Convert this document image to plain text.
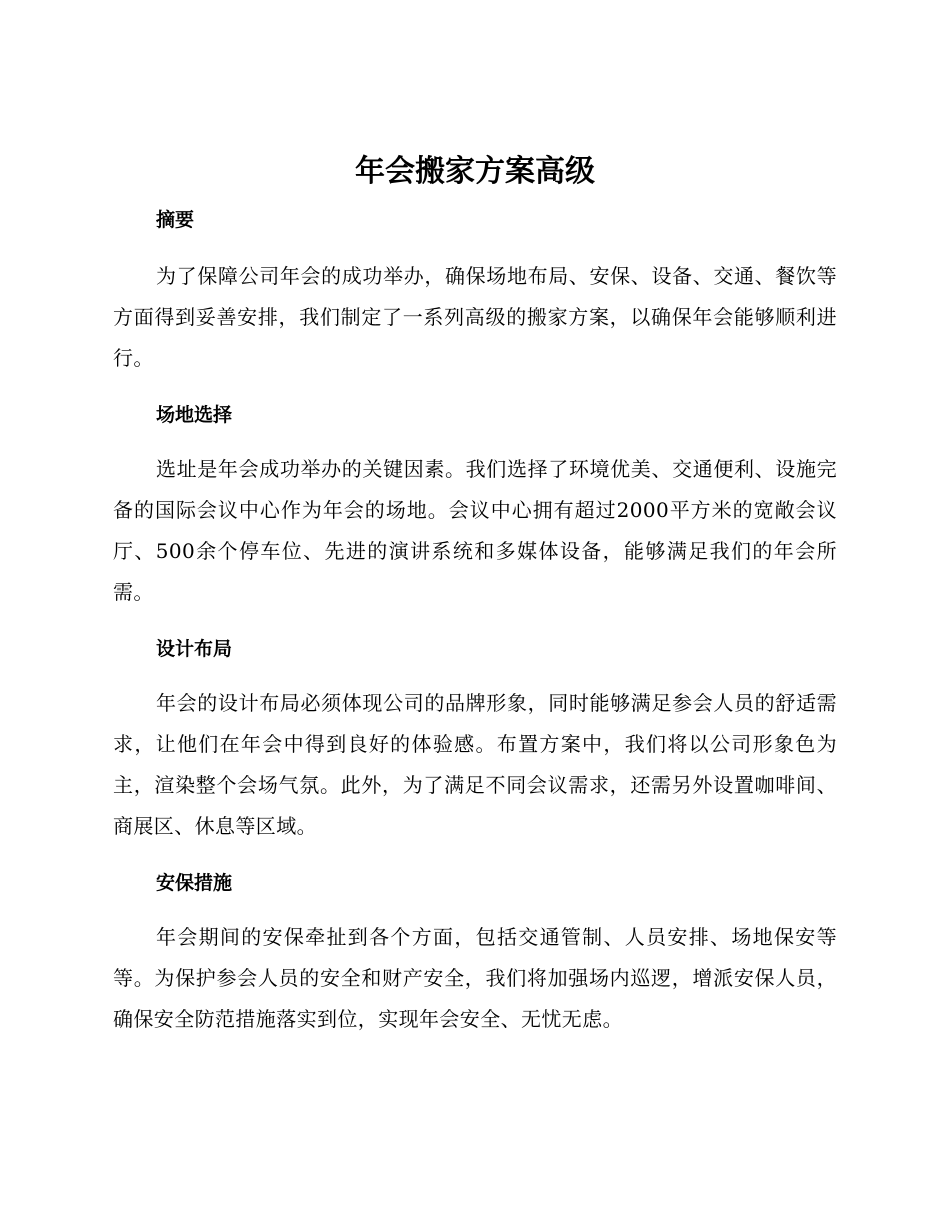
年会搬家方案高级
摘要

为了保障公司年会的成功举办，确保场地布局、安保、设备、交通、餐饮等方面得到妥善安排，我们制定了一系列高级的搬家方案，以确保年会能够顺利进行。

场地选择

选址是年会成功举办的关键因素。我们选择了环境优美、交通便利、设施完备的国际会议中心作为年会的场地。会议中心拥有超过2000平方米的宽敞会议厅、500余个停车位、先进的演讲系统和多媒体设备，能够满足我们的年会所需。

设计布局

年会的设计布局必须体现公司的品牌形象，同时能够满足参会人员的舒适需求，让他们在年会中得到良好的体验感。布置方案中，我们将以公司形象色为主，渲染整个会场气氛。此外，为了满足不同会议需求，还需另外设置咖啡间、商展区、休息等区域。

安保措施

年会期间的安保牵扯到各个方面，包括交通管制、人员安排、场地保安等等。为保护参会人员的安全和财产安全，我们将加强场内巡逻，增派安保人员，确保安全防范措施落实到位，实现年会安全、无忧无虑。
